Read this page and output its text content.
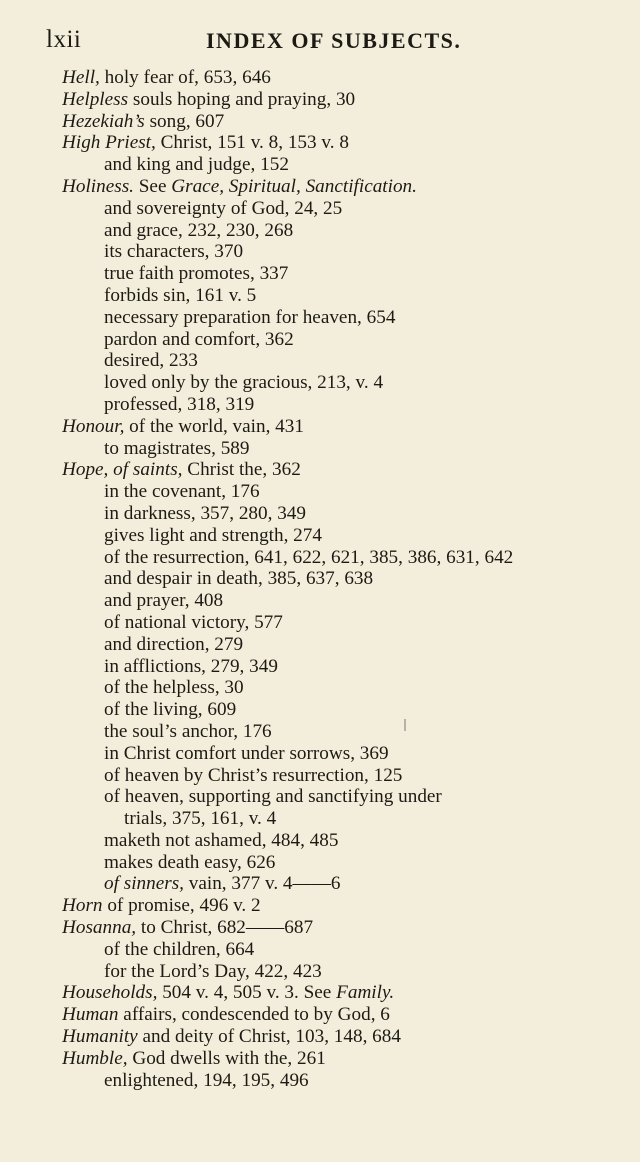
lxii	INDEX OF SUBJECTS.
Hell, holy fear of, 653, 646
Helpless souls hoping and praying, 30
Hezekiah’s song, 607
High Priest, Christ, 151 v. 8, 153 v. 8
and king and judge, 152
Holiness. See Grace, Spiritual, Sanctification.
and sovereignty of God, 24, 25
and grace, 232, 230, 268
its characters, 370
true faith promotes, 337
forbids sin, 161 v. 5
necessary preparation for heaven, 654
pardon and comfort, 362
desired, 233
loved only by the gracious, 213, v. 4
professed, 318, 319
Honour, of the world, vain, 431
to magistrates, 589
Hope, of saints, Christ the, 362
in the covenant, 176
in darkness, 357, 280, 349
gives light and strength, 274
of the resurrection, 641, 622, 621, 385, 386, 631, 642
and despair in death, 385, 637, 638
and prayer, 408
of national victory, 577
and direction, 279
in afflictions, 279, 349
of the helpless, 30
of the living, 609
the soul’s anchor, 176
in Christ comfort under sorrows, 369
of heaven by Christ’s resurrection, 125
of heaven, supporting and sanctifying under
trials, 375, 161, v. 4
maketh not ashamed, 484, 485
makes death easy, 626
of sinners, vain, 377 v. 4——6
Horn of promise, 496 v. 2
Hosanna, to Christ, 682——687
of the children, 664
for the Lord’s Day, 422, 423
Households, 504 v. 4, 505 v. 3. See Family.
Human affairs, condescended to by God, 6
Humanity and deity of Christ, 103, 148, 684
Humble, God dwells with the, 261
enlightened, 194, 195, 496
